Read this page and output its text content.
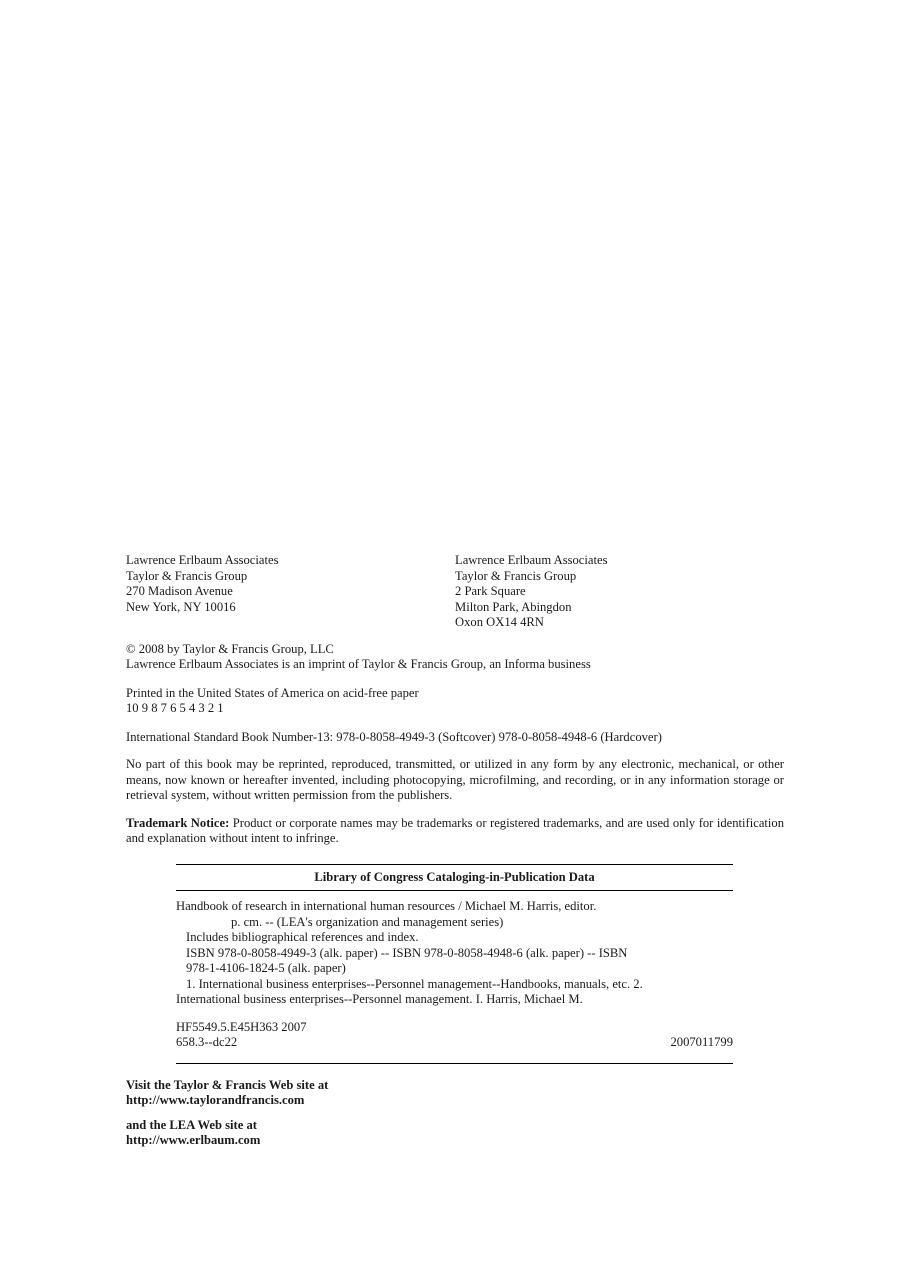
Lawrence Erlbaum Associates
Taylor & Francis Group
270 Madison Avenue
New York, NY 10016
Lawrence Erlbaum Associates
Taylor & Francis Group
2 Park Square
Milton Park, Abingdon
Oxon OX14 4RN
© 2008 by Taylor & Francis Group, LLC
Lawrence Erlbaum Associates is an imprint of Taylor & Francis Group, an Informa business
Printed in the United States of America on acid-free paper
10 9 8 7 6 5 4 3 2 1
International Standard Book Number-13: 978-0-8058-4949-3 (Softcover) 978-0-8058-4948-6 (Hardcover)
No part of this book may be reprinted, reproduced, transmitted, or utilized in any form by any electronic, mechanical, or other means, now known or hereafter invented, including photocopying, microfilming, and recording, or in any information storage or retrieval system, without written permission from the publishers.
Trademark Notice: Product or corporate names may be trademarks or registered trademarks, and are used only for identification and explanation without intent to infringe.
Library of Congress Cataloging-in-Publication Data
Handbook of research in international human resources / Michael M. Harris, editor.
p. cm. -- (LEA's organization and management series)
Includes bibliographical references and index.
ISBN 978-0-8058-4949-3 (alk. paper) -- ISBN 978-0-8058-4948-6 (alk. paper) -- ISBN
978-1-4106-1824-5 (alk. paper)
1. International business enterprises--Personnel management--Handbooks, manuals, etc. 2.
International business enterprises--Personnel management. I. Harris, Michael M.
HF5549.5.E45H363 2007
658.3--dc22	2007011799
Visit the Taylor & Francis Web site at
http://www.taylorandfrancis.com
and the LEA Web site at
http://www.erlbaum.com
